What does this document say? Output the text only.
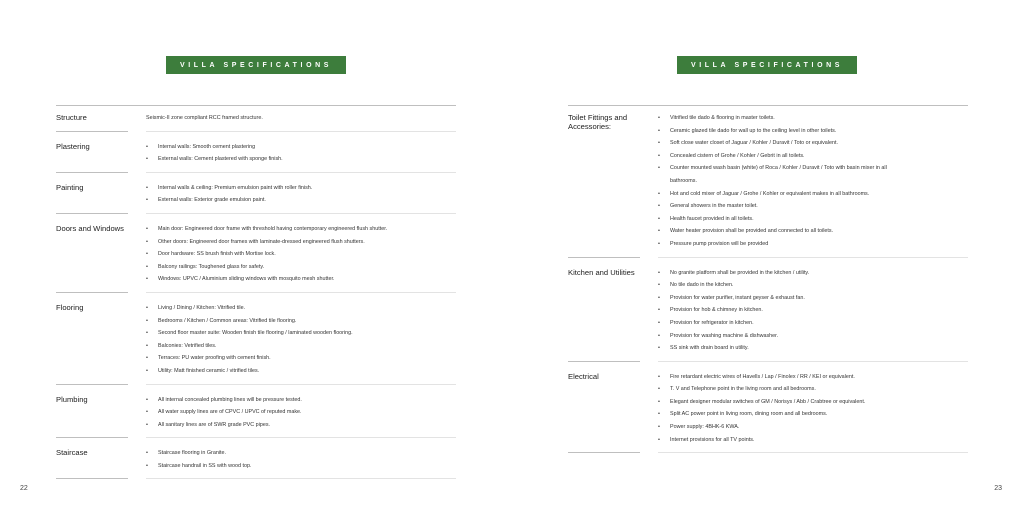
VILLA SPECIFICATIONS	VILLA SPECIFICATIONS
Structure	Seismic-II zone compliant RCC framed structure.
Plastering	• Internal walls: Smooth cement plastering
• External walls: Cement plastered with sponge finish.
Painting	• Internal walls & ceiling: Premium emulsion paint with roller finish.
• External walls: Exterior grade emulsion paint.
Doors and Windows	• Main door: Engineered door frame with threshold having contemporary engineered flush shutter.
• Other doors: Engineered door frames with laminate-dressed engineered flush shutters.
• Door hardware: SS brush finish with Mortise lock.
• Balcony railings: Toughened glass for safety.
• Windows: UPVC / Aluminium sliding windows with mosquito mesh shutter.
Flooring	• Living / Dining / Kitchen: Vitrified tile.
• Bedrooms / Kitchen / Common areas: Vitrified tile flooring.
• Second floor master suite: Wooden finish tile flooring / laminated wooden flooring.
• Balconies: Vetrified tiles.
• Terraces: PU water proofing with cement finish.
• Utility: Matt finished ceramic / vitrified tiles.
Plumbing	• All internal concealed plumbing lines will be pressure tested.
• All water supply lines are of CPVC / UPVC of reputed make.
• All sanitary lines are of SWR grade PVC pipes.
Staircase	• Staircase flooring in Granite.
• Staircase handrail in SS with wood top.
Toilet Fittings and Accessories:
• Vitrified tile dado & flooring in master toilets.
• Ceramic glazed tile dado for wall up to the ceiling level in other toilets.
• Soft close water closet of Jaguar / Kohler / Duravit / Toto or equivalent.
• Concealed cistern of Grohe / Kohler / Gebrit in all toilets.
• Counter mounted wash basin (white) of Roca / Kohler / Duravit / Toto with basin mixer in all
bathrooms.
• Hot and cold mixer of Jaguar / Grohe / Kohler or equivalent makes in all bathrooms.
• General showers in the master toilet.
• Health faucet provided in all toilets.
• Water heater provision shall be provided and connected to all toilets.
• Pressure pump provision will be provided
Kitchen and Utilities	• No granite platform shall be provided in the kitchen / utility.
• No tile dado in the kitchen.
• Provision for water purifier, instant geyser & exhaust fan.
• Provision for hob & chimney in kitchen.
• Provision for refrigerator in kitchen.
• Provision for washing machine & dishwasher.
• SS sink with drain board in utility.
Electrical	• Fire retardant electric wires of Havells / Lap / Finolex / RR / KEI or equivalent.
• T. V and Telephone point in the living room and all bedrooms.
• Elegant designer modular switches of GM / Norisys / Abb / Crabtree or equivalent.
• Split AC power point in living room, dining room and all bedrooms.
• Power supply: 4BHK-6 KWA.
• Internet provisions for all TV points.
22	23
